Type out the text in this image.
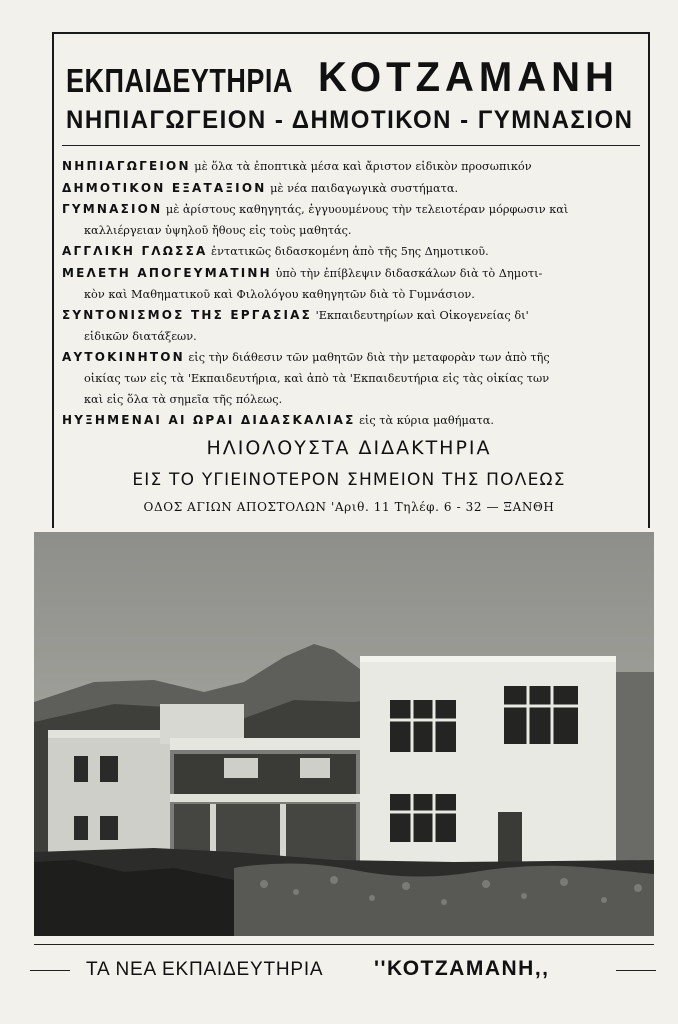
ΕΚΠΑΙΔΕΥΤΗΡΙΑ ΚΟΤΖΑΜΑΝΗ
ΝΗΠΙΑΓΩΓΕΙΟΝ - ΔΗΜΟΤΙΚΟΝ - ΓΥΜΝΑΣΙΟΝ

ΝΗΠΙΑΓΩΓΕΙΟΝ μὲ ὅλα τὰ ἐποπτικὰ μέσα καὶ ἄριστον εἰδικὸν προσωπικόν

ΔΗΜΟΤΙΚΟΝ ΕΞΑΤΑΞΙΟΝ μὲ νέα παιδαγωγικὰ συστήματα.

ΓΥΜΝΑΣΙΟΝ μὲ ἀρίστους καθηγητάς, ἐγγυουμένους τὴν τελειοτέραν μόρφωσιν καὶ

καλλιέργειαν ὑψηλοῦ ἤθους εἰς τοὺς μαθητάς.

ΑΓΓΛΙΚΗ ΓΛΩΣΣΑ ἐντατικῶς διδασκομένη ἀπὸ τῆς 5ης Δημοτικοῦ.

ΜΕΛΕΤΗ ΑΠΟΓΕΥΜΑΤΙΝΗ ὑπὸ τὴν ἐπίβλεψιν διδασκάλων διὰ τὸ Δημοτι-

κὸν καὶ Μαθηματικοῦ καὶ Φιλολόγου καθηγητῶν διὰ τὸ Γυμνάσιον.

ΣΥΝΤΟΝΙΣΜΟΣ ΤΗΣ ΕΡΓΑΣΙΑΣ 'Εκπαιδευτηρίων καὶ Οἰκογενείας δι'

εἰδικῶν διατάξεων.

ΑΥΤΟΚΙΝΗΤΟΝ εἰς τὴν διάθεσιν τῶν μαθητῶν διὰ τὴν μεταφορὰν των ἀπὸ τῆς

οἰκίας των εἰς τὰ 'Εκπαιδευτήρια, καὶ ἀπὸ τὰ 'Εκπαιδευτήρια εἰς τὰς οἰκίας των

καὶ εἰς ὅλα τὰ σημεῖα τῆς πόλεως.

ΗΥΞΗΜΕΝΑΙ ΑΙ ΩΡΑΙ ΔΙΔΑΣΚΑΛΙΑΣ εἰς τὰ κύρια μαθήματα.

ΗΛΙΟΛΟΥΣΤΑ ΔΙΔΑΚΤΗΡΙΑ
ΕΙΣ ΤΟ ΥΓΙΕΙΝΟΤΕΡΟΝ ΣΗΜΕΙΟΝ ΤΗΣ ΠΟΛΕΩΣ
ΟΔΟΣ ΑΓΙΩΝ ΑΠΟΣΤΟΛΩΝ 'Αριθ. 11 Τηλέφ. 6 - 32 — ΞΑΝΘΗ
ΤΑ ΝΕΑ ΕΚΠΑΙΔΕΥΤΗΡΙΑ ''ΚΟΤΖΑΜΑΝΗ,,
